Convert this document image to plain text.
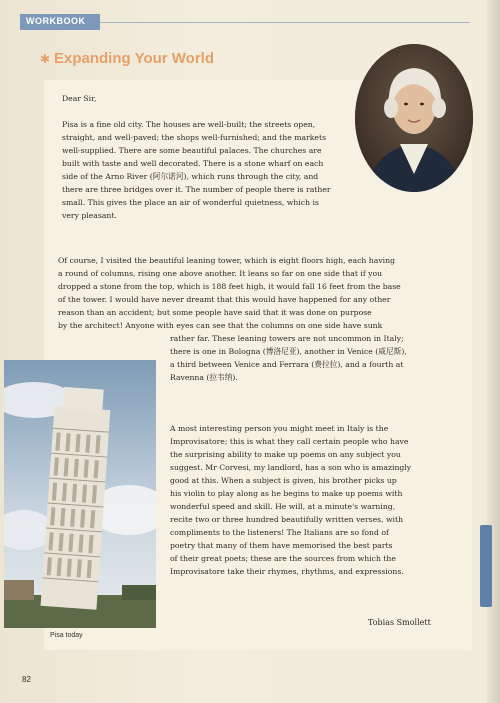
WORKBOOK
✱ Expanding Your World
Dear Sir,
Pisa is a fine old city. The houses are well-built; the streets open,
straight, and well-paved; the shops well-furnished; and the markets
well-supplied. There are some beautiful palaces. The churches are
built with taste and well decorated. There is a stone wharf on each
side of the Arno River (阿尔诺河), which runs through the city, and
there are three bridges over it. The number of people there is rather
small. This gives the place an air of wonderful quietness, which is
very pleasant.
Of course, I visited the beautiful leaning tower, which is eight floors high, each having
a round of columns, rising one above another. It leans so far on one side that if you
dropped a stone from the top, which is 188 feet high, it would fall 16 feet from the base
of the tower. I would have never dreamt that this would have happened for any other
reason than an accident; but some people have said that it was done on purpose
by the architect! Anyone with eyes can see that the columns on one side have sunk
rather far. These leaning towers are not uncommon in Italy;
there is one in Bologna (博洛尼亚), another in Venice (威尼斯),
a third between Venice and Ferrara (费拉拉), and a fourth at
Ravenna (拉韦纳).
A most interesting person you might meet in Italy is the
Improvisatore; this is what they call certain people who have
the surprising ability to make up poems on any subject you
suggest. Mr Corvesi, my landlord, has a son who is amazingly
good at this. When a subject is given, his brother picks up
his violin to play along as he begins to make up poems with
wonderful speed and skill. He will, at a minute's warning,
recite two or three hundred beautifully written verses, with
compliments to the listeners! The Italians are so fond of
poetry that many of them have memorised the best parts
of their great poets; these are the sources from which the
Improvisatore take their rhymes, rhythms, and expressions.
Tobias Smollett
Pisa today
82
